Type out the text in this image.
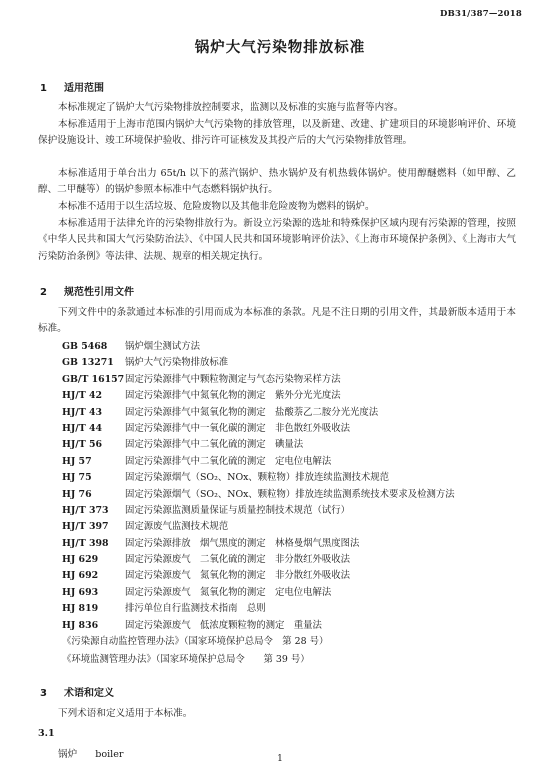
DB31/387—2018
锅炉大气污染物排放标准
1 适用范围

本标准规定了锅炉大气污染物排放控制要求，监测以及标准的实施与监督等内容。

本标准适用于上海市范围内锅炉大气污染物的排放管理，以及新建、改建、扩建项目的环境影响评价、环境保护设施设计、竣工环境保护验收、排污许可证核发及其投产后的大气污染物排放管理。

本标准适用于单台出力 65t/h 以下的蒸汽锅炉、热水锅炉及有机热载体锅炉。使用醇醚燃料（如甲醇、乙醇、二甲醚等）的锅炉参照本标准中气态燃料锅炉执行。

本标准不适用于以生活垃圾、危险废物以及其他非危险废物为燃料的锅炉。

本标准适用于法律允许的污染物排放行为。新设立污染源的选址和特殊保护区域内现有污染源的管理，按照《中华人民共和国大气污染防治法》、《中国人民共和国环境影响评价法》、《上海市环境保护条例》、《上海市大气污染防治条例》等法律、法规、规章的相关规定执行。

2 规范性引用文件

下列文件中的条款通过本标准的引用而成为本标准的条款。凡是不注日期的引用文件，其最新版本适用于本标准。

GB 5468	锅炉烟尘测试方法
GB 13271	锅炉大气污染物排放标准
GB/T 16157 固定污染源排气中颗粒物测定与气态污染物采样方法
HJ/T 42	固定污染源排气中氮氧化物的测定　紫外分光光度法
HJ/T 43	固定污染源排气中氮氧化物的测定　盐酸萘乙二胺分光光度法
HJ/T 44	固定污染源排气中一氧化碳的测定　非色散红外吸收法
HJ/T 56	固定污染源排气中二氧化硫的测定　碘量法
HJ 57	固定污染源排气中二氧化硫的测定　定电位电解法
HJ 75	固定污染源烟气（SO₂、NOx、颗粒物）排放连续监测技术规范
HJ 76	固定污染源烟气（SO₂、NOx、颗粒物）排放连续监测系统技术要求及检测方法
HJ/T 373	固定污染源监测质量保证与质量控制技术规范（试行）
HJ/T 397	固定源废气监测技术规范
HJ/T 398	固定污染源排放　烟气黑度的测定　林格曼烟气黑度图法
HJ 629	固定污染源废气　二氧化硫的测定　非分散红外吸收法
HJ 692	固定污染源废气　氮氧化物的测定　非分散红外吸收法
HJ 693	固定污染源废气　氮氧化物的测定　定电位电解法
HJ 819	排污单位自行监测技术指南　总则
HJ 836	固定污染源废气　低浓度颗粒物的测定　重量法
《污染源自动监控管理办法》（国家环境保护总局令　第 28 号）
《环境监测管理办法》（国家环境保护总局令　　第 39 号）
3 术语和定义

下列术语和定义适用于本标准。

3.1
锅炉 boiler	1
